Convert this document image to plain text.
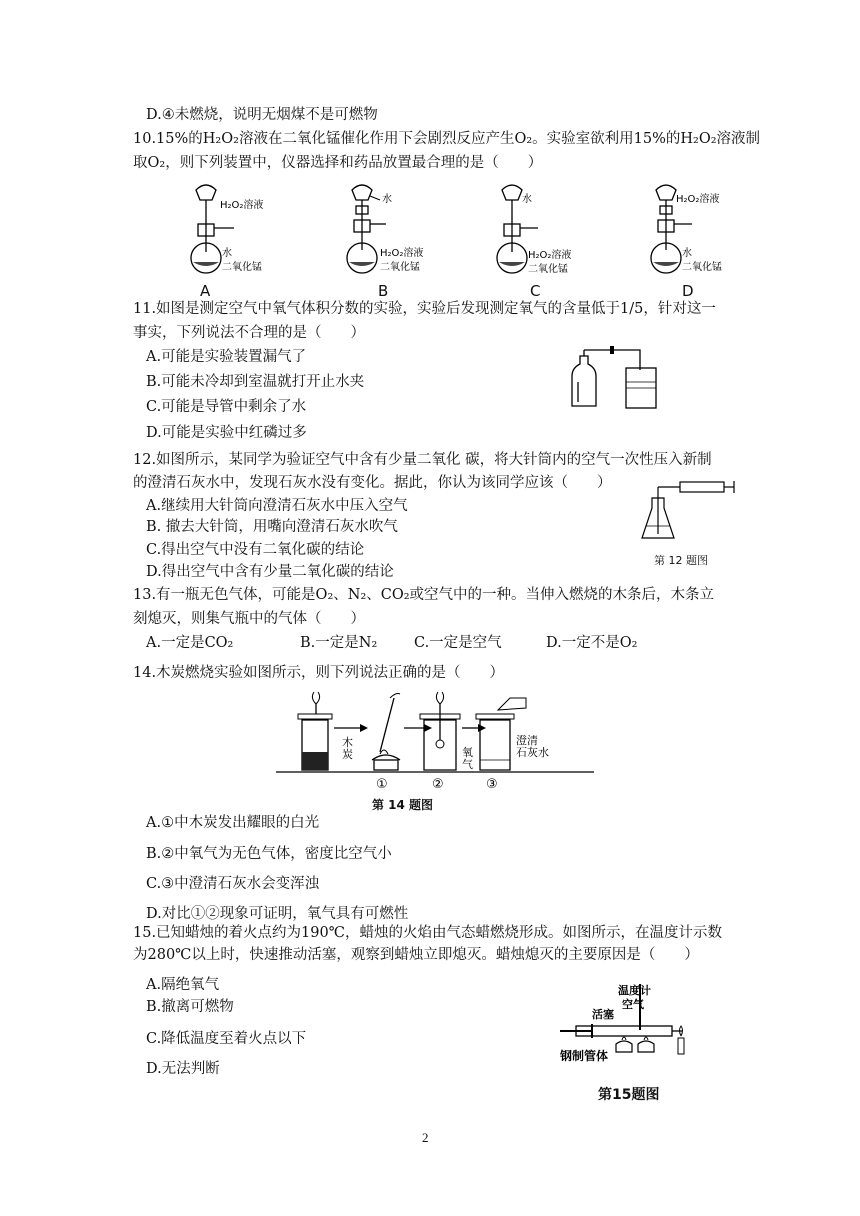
D.④未燃烧，说明无烟煤不是可燃物
10.15%的H₂O₂溶液在二氧化锰催化作用下会剧烈反应产生O₂。实验室欲利用15%的H₂O₂溶液制
取O₂，则下列装置中，仪器选择和药品放置最合理的是（　　）
H₂O₂溶液
水
二氧化锰
A
水
H₂O₂溶液
二氧化锰
B
水
H₂O₂溶液
二氧化锰
C
H₂O₂溶液
水
二氧化锰
D
11.如图是测定空气中氧气体积分数的实验，实验后发现测定氧气的含量低于1/5，针对这一
事实，下列说法不合理的是（　　）
A.可能是实验装置漏气了
B.可能未冷却到室温就打开止水夹
C.可能是导管中剩余了水
D.可能是实验中红磷过多
12.如图所示，某同学为验证空气中含有少量二氧化 碳，将大针筒内的空气一次性压入新制
的澄清石灰水中，发现石灰水没有变化。据此，你认为该同学应该（　　）
A.继续用大针筒向澄清石灰水中压入空气
B. 撤去大针筒，用嘴向澄清石灰水吹气
C.得出空气中没有二氧化碳的结论
D.得出空气中含有少量二氧化碳的结论
第 12 题图
13.有一瓶无色气体，可能是O₂、N₂、CO₂或空气中的一种。当伸入燃烧的木条后，木条立
刻熄灭，则集气瓶中的气体（　　）
A.一定是CO₂	B.一定是N₂	C.一定是空气	D.一定不是O₂
14.木炭燃烧实验如图所示，则下列说法正确的是（　　）
木炭
①
氧气
②
澄清石灰水
③
第 14 题图
A.①中木炭发出耀眼的白光
B.②中氧气为无色气体，密度比空气小
C.③中澄清石灰水会变浑浊
D.对比①②现象可证明，氧气具有可燃性
15.已知蜡烛的着火点约为190℃，蜡烛的火焰由气态蜡燃烧形成。如图所示，在温度计示数
为280℃以上时，快速推动活塞，观察到蜡烛立即熄灭。蜡烛熄灭的主要原因是（　　）
A.隔绝氧气
B.撤离可燃物
C.降低温度至着火点以下
D.无法判断
温度计
空气
活塞
钢制管体
第15题图
2
